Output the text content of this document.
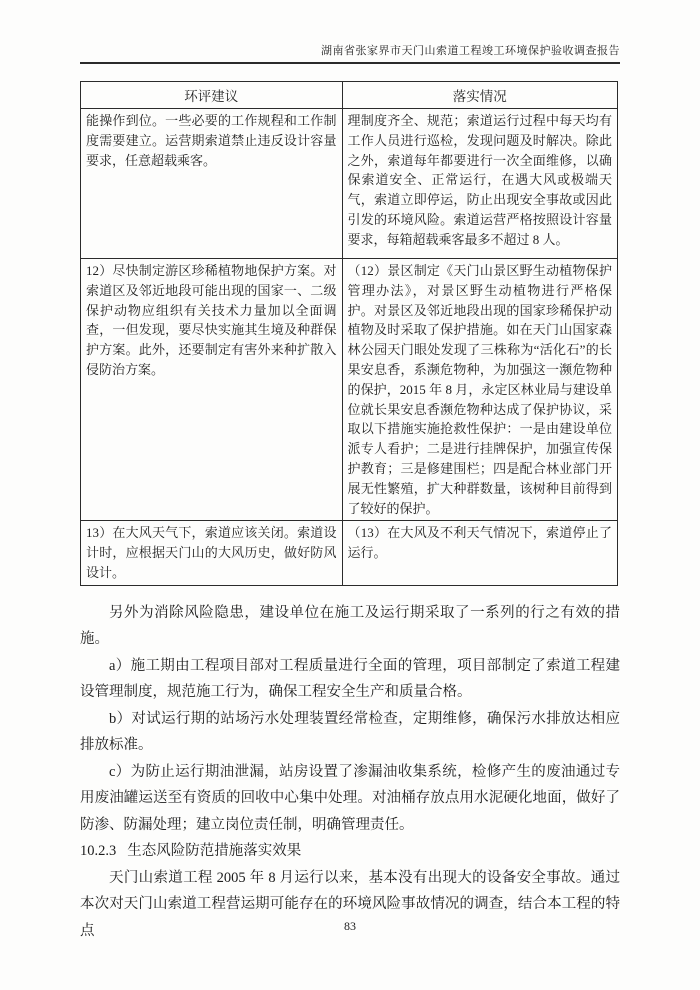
湖南省张家界市天门山索道工程竣工环境保护验收调查报告
环评建议	落实情况
能操作到位。一些必要的工作规程和工作制度需要建立。运营期索道禁止违反设计容量要求，任意超载乘客。	理制度齐全、规范；索道运行过程中每天均有工作人员进行巡检，发现问题及时解决。除此之外，索道每年都要进行一次全面维修，以确保索道安全、正常运行，在遇大风或极端天气，索道立即停运，防止出现安全事故或因此引发的环境风险。索道运营严格按照设计容量要求，每箱超载乘客最多不超过 8 人。
12）尽快制定游区珍稀植物地保护方案。对索道区及邻近地段可能出现的国家一、二级保护动物应组织有关技术力量加以全面调查，一但发现，要尽快实施其生境及种群保护方案。此外，还要制定有害外来种扩散入侵防治方案。	（12）景区制定《天门山景区野生动植物保护管理办法》，对景区野生动植物进行严格保护。对景区及邻近地段出现的国家珍稀保护动植物及时采取了保护措施。如在天门山国家森林公园天门眼处发现了三株称为“活化石”的长果安息香，系濒危物种，为加强这一濒危物种的保护，2015 年 8 月，永定区林业局与建设单位就长果安息香濒危物种达成了保护协议，采取以下措施实施抢救性保护：一是由建设单位派专人看护；二是进行挂牌保护，加强宣传保护教育；三是修建围栏；四是配合林业部门开展无性繁殖，扩大种群数量，该树种目前得到了较好的保护。
13）在大风天气下，索道应该关闭。索道设计时，应根据天门山的大风历史，做好防风设计。	（13）在大风及不利天气情况下，索道停止了运行。

另外为消除风险隐患，建设单位在施工及运行期采取了一系列的行之有效的措施。

a）施工期由工程项目部对工程质量进行全面的管理，项目部制定了索道工程建设管理制度，规范施工行为，确保工程安全生产和质量合格。

b）对试运行期的站场污水处理装置经常检查，定期维修，确保污水排放达相应排放标准。

c）为防止运行期油泄漏，站房设置了渗漏油收集系统，检修产生的废油通过专用废油罐运送至有资质的回收中心集中处理。对油桶存放点用水泥硬化地面，做好了防渗、防漏处理；建立岗位责任制，明确管理责任。

10.2.3 生态风险防范措施落实效果

天门山索道工程 2005 年 8 月运行以来，基本没有出现大的设备安全事故。通过本次对天门山索道工程营运期可能存在的环境风险事故情况的调查，结合本工程的特点	83
